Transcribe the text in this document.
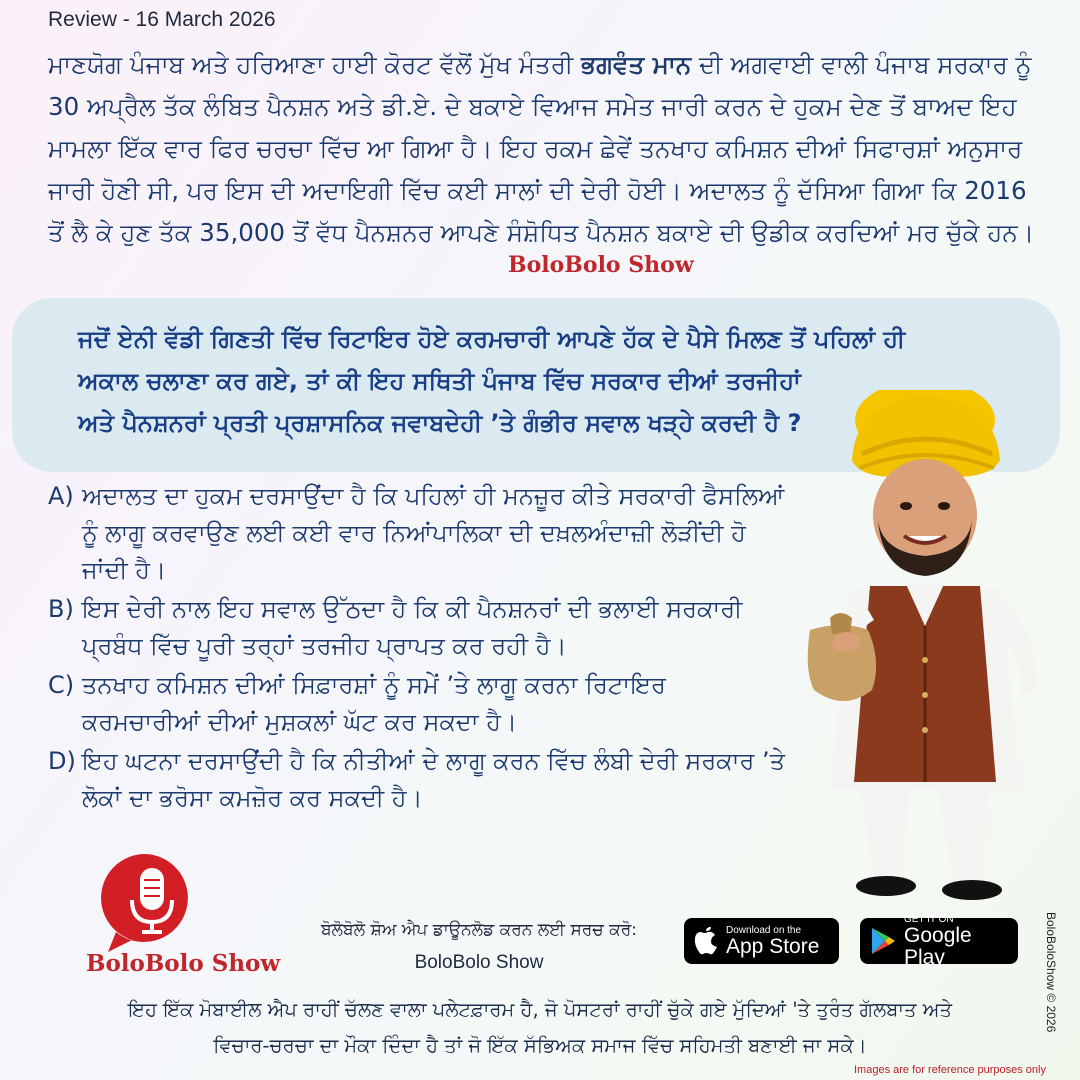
Review - 16 March 2026
ਮਾਣਯੋਗ ਪੰਜਾਬ ਅਤੇ ਹਰਿਆਣਾ ਹਾਈ ਕੋਰਟ ਵੱਲੋਂ ਮੁੱਖ ਮੰਤਰੀ ਭਗਵੰਤ ਮਾਨ ਦੀ ਅਗਵਾਈ ਵਾਲੀ ਪੰਜਾਬ ਸਰਕਾਰ ਨੂੰ 30 ਅਪ੍ਰੈਲ ਤੱਕ ਲੰਬਿਤ ਪੈਨਸ਼ਨ ਅਤੇ ਡੀ.ਏ. ਦੇ ਬਕਾਏ ਵਿਆਜ ਸਮੇਤ ਜਾਰੀ ਕਰਨ ਦੇ ਹੁਕਮ ਦੇਣ ਤੋਂ ਬਾਅਦ ਇਹ ਮਾਮਲਾ ਇੱਕ ਵਾਰ ਫਿਰ ਚਰਚਾ ਵਿੱਚ ਆ ਗਿਆ ਹੈ। ਇਹ ਰਕਮ ਛੇਵੇਂ ਤਨਖਾਹ ਕਮਿਸ਼ਨ ਦੀਆਂ ਸਿਫਾਰਸ਼ਾਂ ਅਨੁਸਾਰ ਜਾਰੀ ਹੋਣੀ ਸੀ, ਪਰ ਇਸ ਦੀ ਅਦਾਇਗੀ ਵਿੱਚ ਕਈ ਸਾਲਾਂ ਦੀ ਦੇਰੀ ਹੋਈ। ਅਦਾਲਤ ਨੂੰ ਦੱਸਿਆ ਗਿਆ ਕਿ 2016 ਤੋਂ ਲੈ ਕੇ ਹੁਣ ਤੱਕ 35,000 ਤੋਂ ਵੱਧ ਪੈਨਸ਼ਨਰ ਆਪਣੇ ਸੰਸ਼ੋਧਿਤ ਪੈਨਸ਼ਨ ਬਕਾਏ ਦੀ ਉਡੀਕ ਕਰਦਿਆਂ ਮਰ ਚੁੱਕੇ ਹਨ।
BoloBolo Show
ਜਦੋਂ ਏਨੀ ਵੱਡੀ ਗਿਣਤੀ ਵਿੱਚ ਰਿਟਾਇਰ ਹੋਏ ਕਰਮਚਾਰੀ ਆਪਣੇ ਹੱਕ ਦੇ ਪੈਸੇ ਮਿਲਣ ਤੋਂ ਪਹਿਲਾਂ ਹੀ
ਅਕਾਲ ਚਲਾਣਾ ਕਰ ਗਏ, ਤਾਂ ਕੀ ਇਹ ਸਥਿਤੀ ਪੰਜਾਬ ਵਿੱਚ ਸਰਕਾਰ ਦੀਆਂ ਤਰਜੀਹਾਂ
ਅਤੇ ਪੈਨਸ਼ਨਰਾਂ ਪ੍ਰਤੀ ਪ੍ਰਸ਼ਾਸਨਿਕ ਜਵਾਬਦੇਹੀ ’ਤੇ ਗੰਭੀਰ ਸਵਾਲ ਖੜ੍ਹੇ ਕਰਦੀ ਹੈ ?
A) ਅਦਾਲਤ ਦਾ ਹੁਕਮ ਦਰਸਾਉਂਦਾ ਹੈ ਕਿ ਪਹਿਲਾਂ ਹੀ ਮਨਜ਼ੂਰ ਕੀਤੇ ਸਰਕਾਰੀ ਫੈਸਲਿਆਂ ਨੂੰ ਲਾਗੂ ਕਰਵਾਉਣ ਲਈ ਕਈ ਵਾਰ ਨਿਆਂਪਾਲਿਕਾ ਦੀ ਦਖ਼ਲਅੰਦਾਜ਼ੀ ਲੋੜੀਂਦੀ ਹੋ ਜਾਂਦੀ ਹੈ।
B) ਇਸ ਦੇਰੀ ਨਾਲ ਇਹ ਸਵਾਲ ਉੱਠਦਾ ਹੈ ਕਿ ਕੀ ਪੈਨਸ਼ਨਰਾਂ ਦੀ ਭਲਾਈ ਸਰਕਾਰੀ ਪ੍ਰਬੰਧ ਵਿੱਚ ਪੂਰੀ ਤਰ੍ਹਾਂ ਤਰਜੀਹ ਪ੍ਰਾਪਤ ਕਰ ਰਹੀ ਹੈ।
C) ਤਨਖਾਹ ਕਮਿਸ਼ਨ ਦੀਆਂ ਸਿਫ਼ਾਰਸ਼ਾਂ ਨੂੰ ਸਮੇਂ ’ਤੇ ਲਾਗੂ ਕਰਨਾ ਰਿਟਾਇਰ ਕਰਮਚਾਰੀਆਂ ਦੀਆਂ ਮੁਸ਼ਕਲਾਂ ਘੱਟ ਕਰ ਸਕਦਾ ਹੈ।
D) ਇਹ ਘਟਨਾ ਦਰਸਾਉਂਦੀ ਹੈ ਕਿ ਨੀਤੀਆਂ ਦੇ ਲਾਗੂ ਕਰਨ ਵਿੱਚ ਲੰਬੀ ਦੇਰੀ ਸਰਕਾਰ ’ਤੇ ਲੋਕਾਂ ਦਾ ਭਰੋਸਾ ਕਮਜ਼ੋਰ ਕਰ ਸਕਦੀ ਹੈ।
BoloBolo Show
ਬੋਲੋਬੋਲੋ ਸ਼ੋਅ ਐਪ ਡਾਊਨਲੋਡ ਕਰਨ ਲਈ ਸਰਚ ਕਰੋ:
BoloBolo Show
Download on the
App Store
GET IT ON
Google Play
ਇਹ ਇੱਕ ਮੋਬਾਈਲ ਐਪ ਰਾਹੀਂ ਚੱਲਣ ਵਾਲਾ ਪਲੇਟਫ਼ਾਰਮ ਹੈ, ਜੋ ਪੋਸਟਰਾਂ ਰਾਹੀਂ ਚੁੱਕੇ ਗਏ ਮੁੱਦਿਆਂ 'ਤੇ ਤੁਰੰਤ ਗੱਲਬਾਤ ਅਤੇ
ਵਿਚਾਰ-ਚਰਚਾ ਦਾ ਮੌਕਾ ਦਿੰਦਾ ਹੈ ਤਾਂ ਜੋ ਇੱਕ ਸੱਭਿਅਕ ਸਮਾਜ ਵਿੱਚ ਸਹਿਮਤੀ ਬਣਾਈ ਜਾ ਸਕੇ।
BoloBoloShow © 2026
Images are for reference purposes only
